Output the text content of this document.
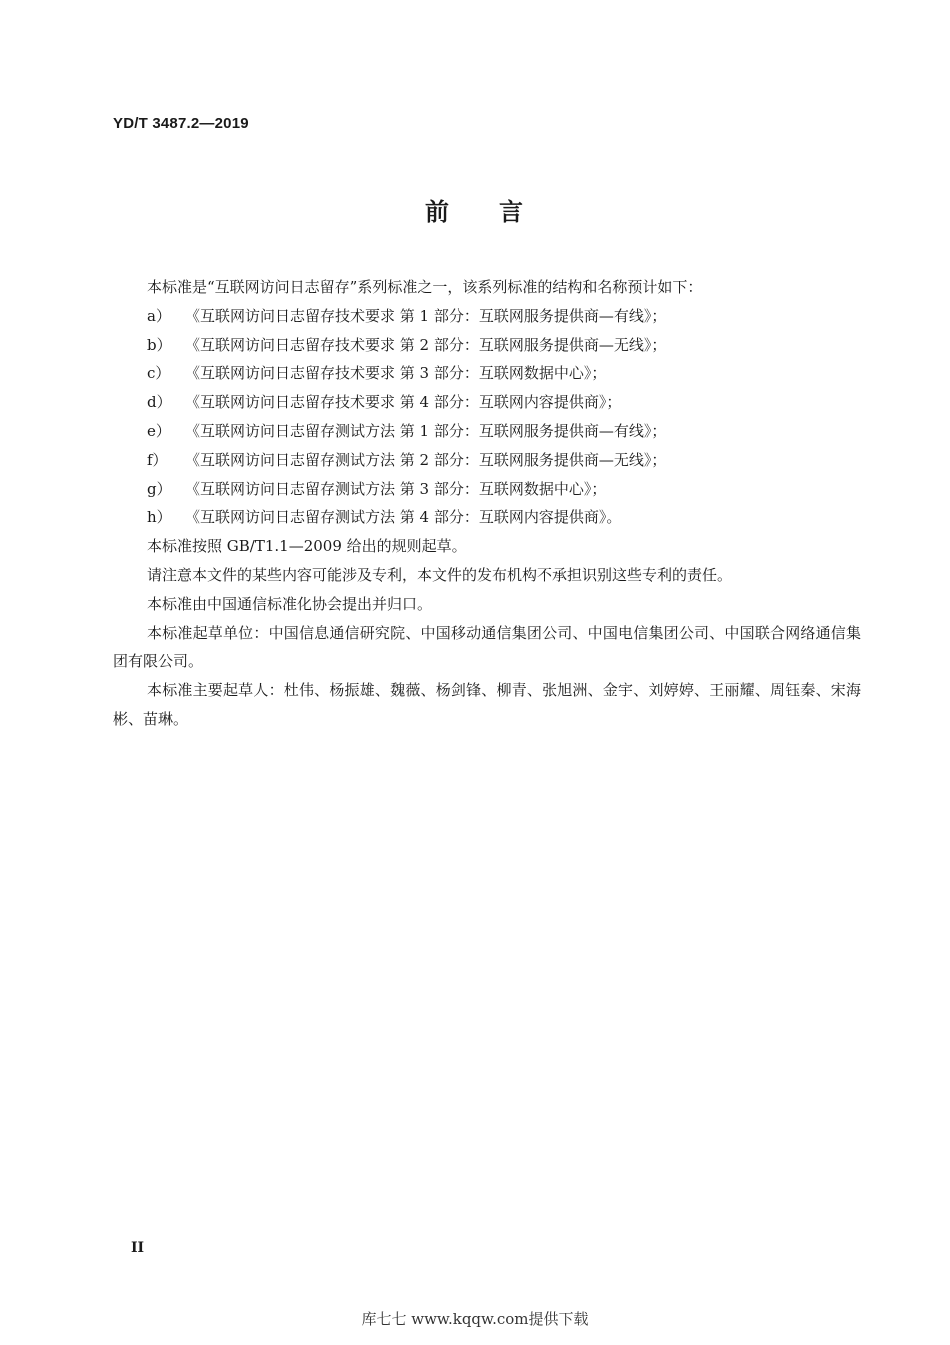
YD/T 3487.2—2019
前 言

本标准是“互联网访问日志留存”系列标准之一，该系列标准的结构和名称预计如下：

a） 《互联网访问日志留存技术要求 第 1 部分：互联网服务提供商—有线》；
b） 《互联网访问日志留存技术要求 第 2 部分：互联网服务提供商—无线》；
c） 《互联网访问日志留存技术要求 第 3 部分：互联网数据中心》；
d） 《互联网访问日志留存技术要求 第 4 部分：互联网内容提供商》；
e） 《互联网访问日志留存测试方法 第 1 部分：互联网服务提供商—有线》；
f）	《互联网访问日志留存测试方法 第 2 部分：互联网服务提供商—无线》；
g） 《互联网访问日志留存测试方法 第 3 部分：互联网数据中心》；
h） 《互联网访问日志留存测试方法 第 4 部分：互联网内容提供商》。

本标准按照 GB/T1.1—2009 给出的规则起草。

请注意本文件的某些内容可能涉及专利，本文件的发布机构不承担识别这些专利的责任。

本标准由中国通信标准化协会提出并归口。

本标准起草单位：中国信息通信研究院、中国移动通信集团公司、中国电信集团公司、中国联合网络通信集团有限公司。

本标准主要起草人：杜伟、杨振雄、魏薇、杨剑锋、柳青、张旭洲、金宇、刘婷婷、王丽耀、周钰秦、宋海彬、苗琳。

II
库七七 www.kqqw.com提供下载
